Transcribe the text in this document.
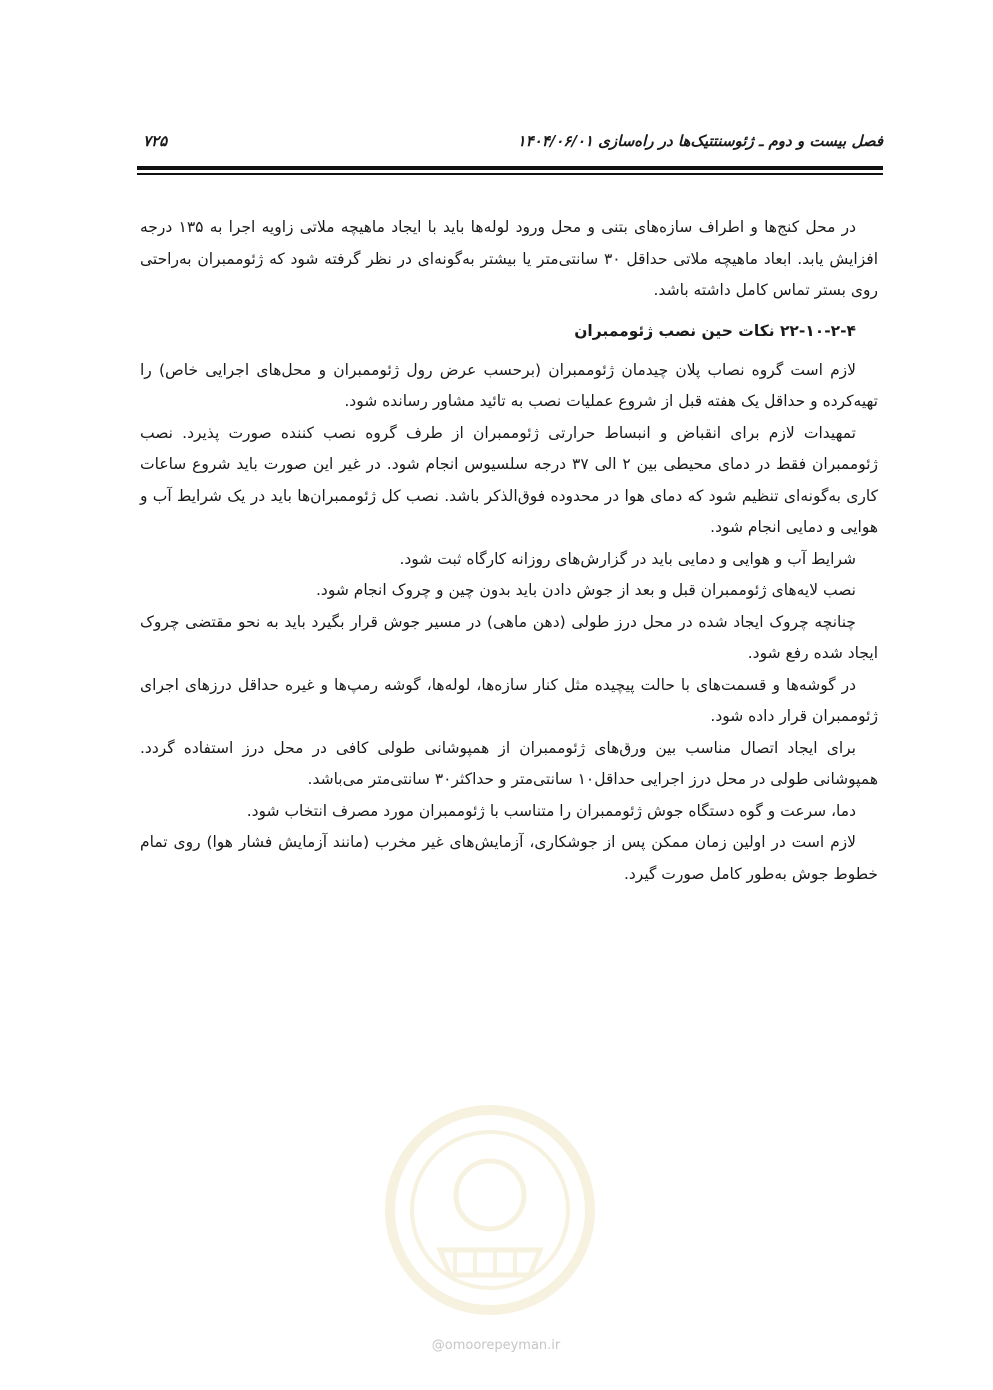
فصل بیست و دوم ـ ژئوسنتتیک‌ها در راه‌سازی ۱۴۰۴/۰۶/۰۱
۷۲۵

در محل کنج‌ها و اطراف سازه‌های بتنی و محل ورود لوله‌ها باید با ایجاد ماهیچه ملاتی زاویه اجرا به ۱۳۵ درجه افزایش یابد. ابعاد ماهیچه ملاتی حداقل ۳۰ سانتی‌متر یا بیشتر به‌گونه‌ای در نظر گرفته شود که ژئوممبران به‌راحتی روی بستر تماس کامل داشته باشد.

۲۲-۱۰-۲-۴ نکات حین نصب ژئوممبران

لازم است گروه نصاب پلان چیدمان ژئوممبران (برحسب عرض رول ژئوممبران و محل‌های اجرایی خاص) را تهیه‌کرده و حداقل یک هفته قبل از شروع عملیات نصب به تائید مشاور رسانده شود.

تمهیدات لازم برای انقباض و انبساط حرارتی ژئوممبران از طرف گروه نصب کننده صورت پذیرد. نصب ژئوممبران فقط در دمای محیطی بین ۲ الی ۳۷ درجه سلسیوس انجام شود. در غیر این صورت باید شروع ساعات کاری به‌گونه‌ای تنظیم شود که دمای هوا در محدوده فوق‌الذکر باشد. نصب کل ژئوممبران‌ها باید در یک شرایط آب و هوایی و دمایی انجام شود.

شرایط آب و هوایی و دمایی باید در گزارش‌های روزانه کارگاه ثبت شود.

نصب لایه‌های ژئوممبران قبل و بعد از جوش دادن باید بدون چین و چروک انجام شود.

چنانچه چروک ایجاد شده در محل درز طولی (دهن ماهی) در مسیر جوش قرار بگیرد باید به نحو مقتضی چروک ایجاد شده رفع شود.

در گوشه‌ها و قسمت‌های با حالت پیچیده مثل کنار سازه‌ها، لوله‌ها، گوشه رمپ‌ها و غیره حداقل درزهای اجرای ژئوممبران قرار داده شود.

برای ایجاد اتصال مناسب بین ورق‌های ژئوممبران از همپوشانی طولی کافی در محل درز استفاده گردد. همپوشانی طولی در محل درز اجرایی حداقل۱۰ سانتی‌متر و حداکثر۳۰ سانتی‌متر می‌باشد.

دما، سرعت و گوه دستگاه جوش ژئوممبران را متناسب با ژئوممبران مورد مصرف انتخاب شود.

لازم است در اولین زمان ممکن پس از جوشکاری، آزمایش‌های غیر مخرب (مانند آزمایش فشار هوا) روی تمام خطوط جوش به‌طور کامل صورت گیرد.

@omoorepeyman.ir
